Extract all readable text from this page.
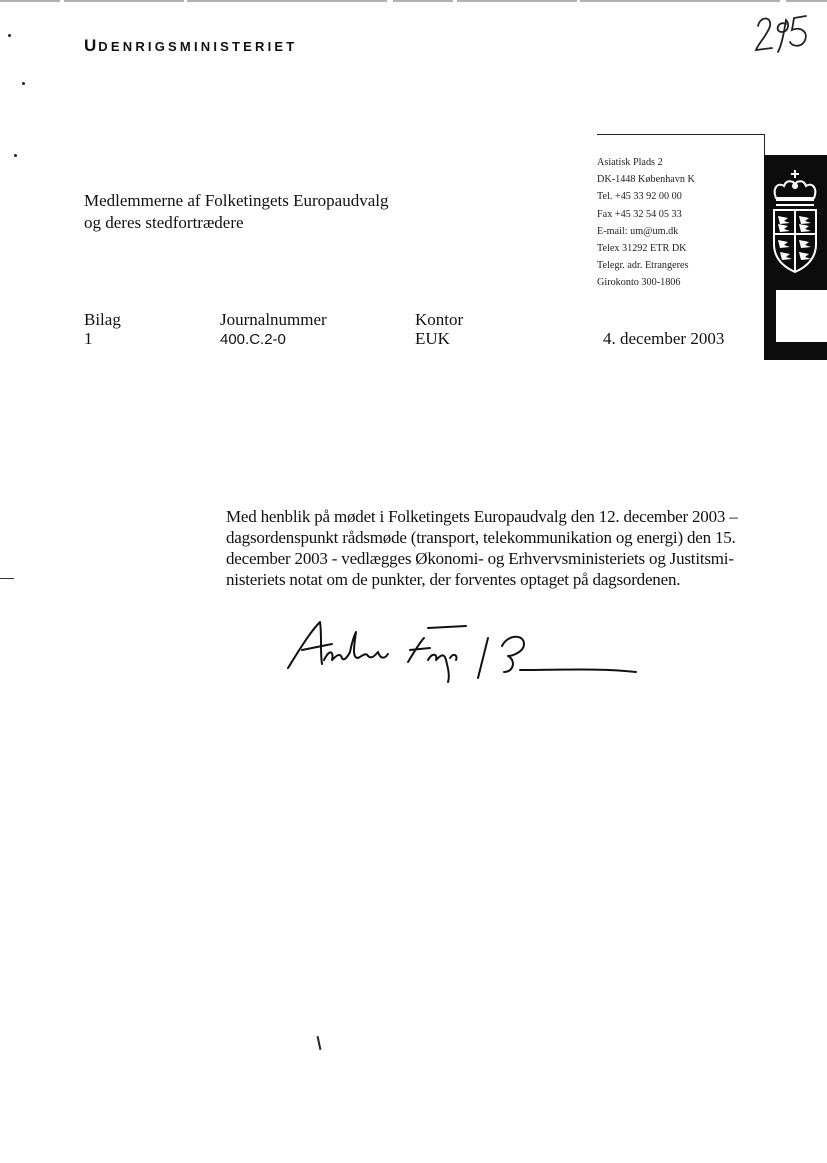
UDENRIGSMINISTERIET
Asiatisk Plads 2
DK-1448 København K
Tel. +45 33 92 00 00
Fax +45 32 54 05 33
E-mail: um@um.dk
Telex 31292 ETR DK
Telegr. adr. Etrangeres
Girokonto 300-1806
Medlemmerne af Folketingets Europaudvalg
og deres stedfortrædere
Bilag
1
Journalnummer
400.C.2-0
Kontor
EUK	4. december 2003
Med henblik på mødet i Folketingets Europaudvalg den 12. december 2003 –
dagsordenspunkt rådsmøde (transport, telekommunikation og energi) den 15.
december 2003 - vedlægges Økonomi- og Erhvervsministeriets og Justitsmi-
nisteriets notat om de punkter, der forventes optaget på dagsordenen.
